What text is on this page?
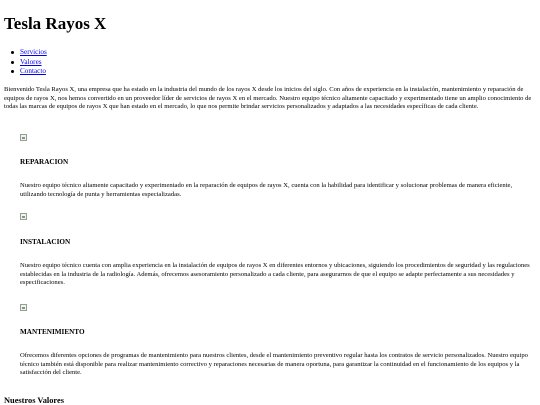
Tesla Rayos X
Servicios
Valores
Contacto

Bienvenido Tesla Rayos X, una empresa que ha estado en la industria del mundo de los rayos X desde los inicios del siglo. Con años de experiencia en la instalación, mantenimiento y reparación de equipos de rayos X, nos hemos convertido en un proveedor líder de servicios de rayos X en el mercado. Nuestro equipo técnico altamente capacitado y experimentado tiene un amplio conocimiento de todas las marcas de equipos de rayos X que han estado en el mercado, lo que nos permite brindar servicios personalizados y adaptados a las necesidades específicas de cada cliente.

REPARACION

Nuestro equipo técnico altamente capacitado y experimentado en la reparación de equipos de rayos X, cuenta con la habilidad para identificar y solucionar problemas de manera eficiente, utilizando tecnología de punta y herramientas especializadas.

INSTALACION

Nuestro equipo técnico cuenta con amplia experiencia en la instalación de equipos de rayos X en diferentes entornos y ubicaciones, siguiendo los procedimientos de seguridad y las regulaciones establecidas en la industria de la radiología. Además, ofrecemos asesoramiento personalizado a cada cliente, para asegurarnos de que el equipo se adapte perfectamente a sus necesidades y especificaciones.

MANTENIMIENTO

Ofrecemos diferentes opciones de programas de mantenimiento para nuestros clientes, desde el mantenimiento preventivo regular hasta los contratos de servicio personalizados. Nuestro equipo técnico también está disponible para realizar mantenimiento correctivo y reparaciones necesarias de manera oportuna, para garantizar la continuidad en el funcionamiento de los equipos y la satisfacción del cliente.

Nuestros Valores
